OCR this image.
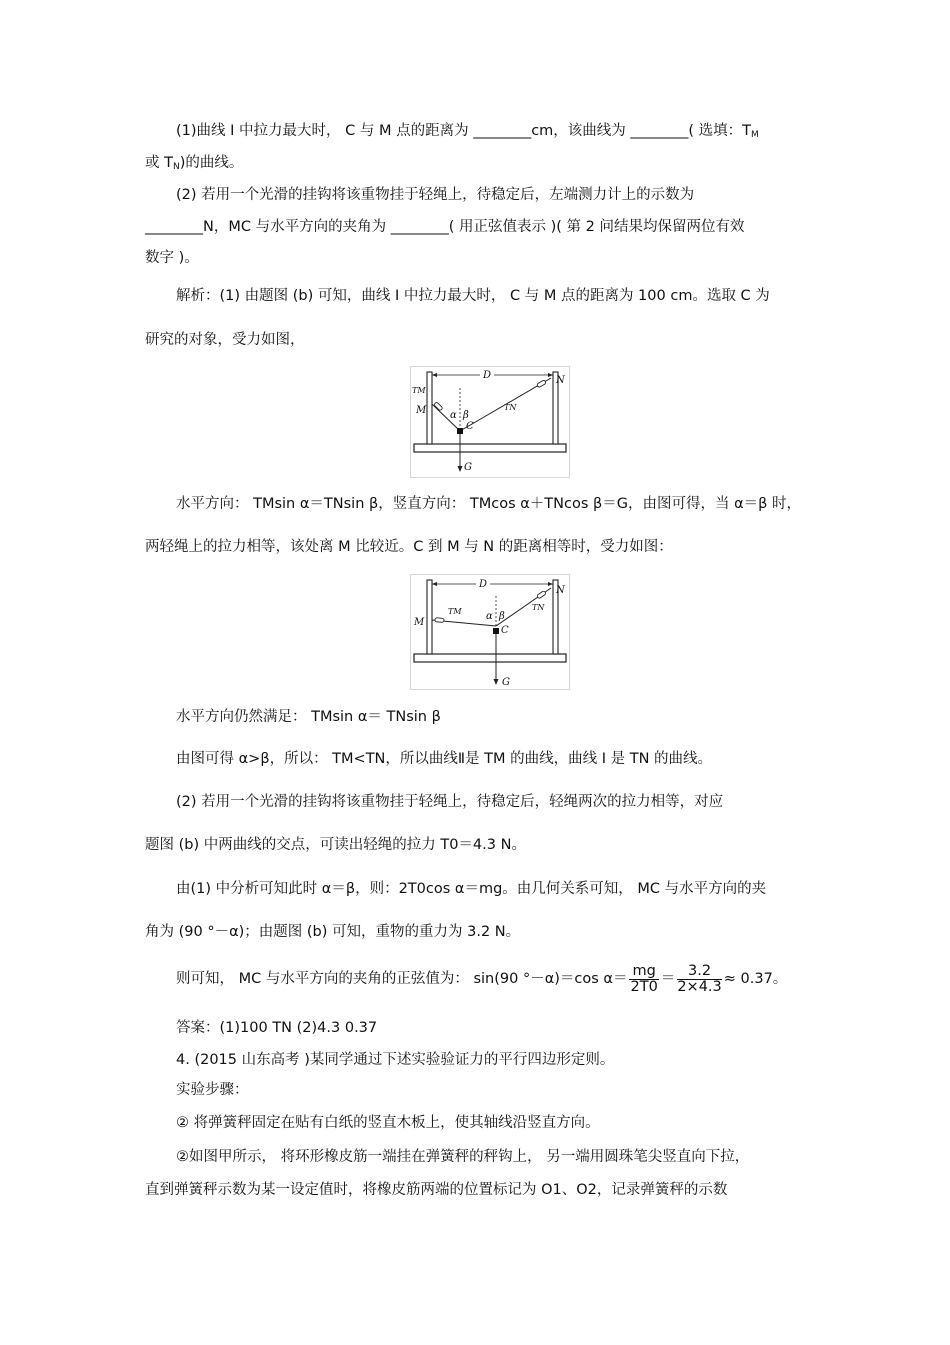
(1)曲线 I 中拉力最大时， C 与 M 点的距离为 ________cm，该曲线为 ________( 选填：$T_M$
或 $T_N$)的曲线。
(2) 若用一个光滑的挂钩将该重物挂于轻绳上，待稳定后，左端测力计上的示数为
________N，MC 与水平方向的夹角为 ________( 用正弦值表示 )( 第 2 问结果均保留两位有效
数字 )。
解析：(1) 由题图 (b) 可知，曲线 I 中拉力最大时， C 与 M 点的距离为 100 cm。选取 C 为
研究的对象，受力如图，
D	N
TM
M α β
C
TN
G
水平方向： TMsin α＝TNsin β，竖直方向： TMcos α＋TNcos β＝G，由图可得，当 α＝β 时，
两轻绳上的拉力相等，该处离 M 比较近。C 到 M 与 N 的距离相等时，受力如图：
D
N
TM
M
α β
C
TN
G
水平方向仍然满足： TMsin α＝ TNsin β
由图可得 α>β，所以： TM<TN，所以曲线Ⅱ是 TM 的曲线，曲线 I 是 TN 的曲线。
(2) 若用一个光滑的挂钩将该重物挂于轻绳上，待稳定后，轻绳两次的拉力相等，对应
题图 (b) 中两曲线的交点，可读出轻绳的拉力 T0＝4.3 N。
由(1) 中分析可知此时 α＝β，则：2T0cos α＝mg。由几何关系可知， MC 与水平方向的夹
角为 (90 °－α)；由题图 (b) 可知，重物的重力为 3.2 N。
则可知， MC 与水平方向的夹角的正弦值为： sin(90 °－α)＝cos $\alpha= \frac{mg}{2T0} = \frac{3.2}{2\times 4.3} \approx 0.37$。
答案：(1)100 TN (2)4.3 0.37
4. (2015 山东高考 )某同学通过下述实验验证力的平行四边形定则。
实验步骤：
② 将弹簧秤固定在贴有白纸的竖直木板上，使其轴线沿竖直方向。
②如图甲所示， 将环形橡皮筋一端挂在弹簧秤的秤钩上， 另一端用圆珠笔尖竖直向下拉，
直到弹簧秤示数为某一设定值时，将橡皮筋两端的位置标记为 O1、O2，记录弹簧秤的示数
